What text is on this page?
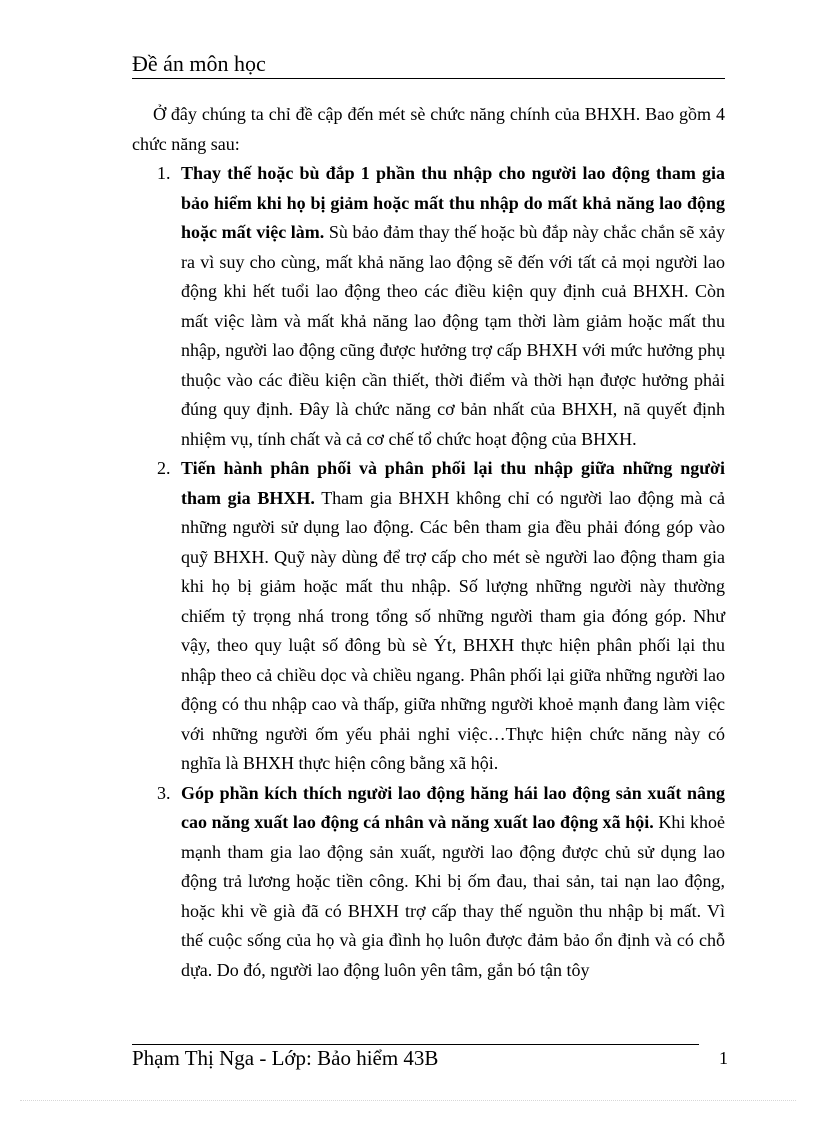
Đề án môn học

Ở đây chúng ta chỉ đề cập đến mét sè chức năng chính của BHXH. Bao gồm 4 chức năng sau:

1. Thay thế hoặc bù đắp 1 phần thu nhập cho người lao động tham gia bảo hiểm khi họ bị giảm hoặc mất thu nhập do mất khả năng lao động hoặc mất việc làm. Sù bảo đảm thay thế hoặc bù đắp này chắc chắn sẽ xảy ra vì suy cho cùng, mất khả năng lao động sẽ đến với tất cả mọi người lao động khi hết tuổi lao động theo các điều kiện quy định cuả BHXH. Còn mất việc làm và mất khả năng lao động tạm thời làm giảm hoặc mất thu nhập, người lao động cũng được hưởng trợ cấp BHXH với mức hưởng phụ thuộc vào các điều kiện cần thiết, thời điểm và thời hạn được hưởng phải đúng quy định. Đây là chức năng cơ bản nhất của BHXH, nã quyết định nhiệm vụ, tính chất và cả cơ chế tổ chức hoạt động của BHXH.
2. Tiến hành phân phối và phân phối lại thu nhập giữa những người tham gia BHXH. Tham gia BHXH không chỉ có người lao động mà cả những người sử dụng lao động. Các bên tham gia đều phải đóng góp vào quỹ BHXH. Quỹ này dùng để trợ cấp cho mét sè người lao động tham gia khi họ bị giảm hoặc mất thu nhập. Số lượng những người này thường chiếm tỷ trọng nhá trong tổng số những người tham gia đóng góp. Như vậy, theo quy luật số đông bù sè Ýt, BHXH thực hiện phân phối lại thu nhập theo cả chiều dọc và chiều ngang. Phân phối lại giữa những người lao động có thu nhập cao và thấp, giữa những người khoẻ mạnh đang làm việc với những người ốm yếu phải nghỉ việc…Thực hiện chức năng này có nghĩa là BHXH thực hiện công bằng xã hội.
3. Góp phần kích thích người lao động hăng hái lao động sản xuất nâng cao năng xuất lao động cá nhân và năng xuất lao động xã hội. Khi khoẻ mạnh tham gia lao động sản xuất, người lao động được chủ sử dụng lao động trả lương hoặc tiền công. Khi bị ốm đau, thai sản, tai nạn lao động, hoặc khi về già đã có BHXH trợ cấp thay thế nguồn thu nhập bị mất. Vì thế cuộc sống của họ và gia đình họ luôn được đảm bảo ổn định và có chỗ dựa. Do đó, người lao động luôn yên tâm, gắn bó tận tôy
Phạm Thị Nga - Lớp: Bảo hiểm 43B	1
